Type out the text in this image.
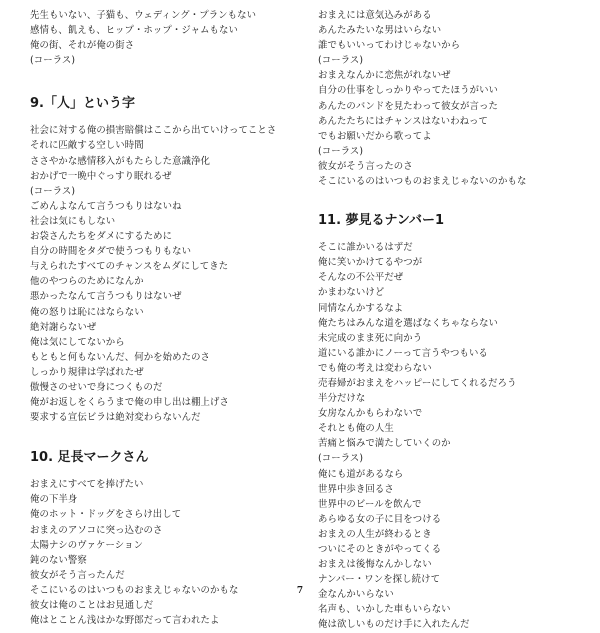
先生もいない、子猫も、ウェディング・プランもない
感情も、飢えも、ヒップ・ホップ・ジャムもない
俺の街、それが俺の街さ
(コーラス)
9.「人」という字
社会に対する俺の損害賠償はここから出ていけってことさ
それに匹敵する空しい時間
ささやかな感情移入がもたらした意識浄化
おかげで一晩中ぐっすり眠れるぜ
(コーラス)
ごめんよなんて言うつもりはないね
社会は気にもしない
お袋さんたちをダメにするために
自分の時間をタダで使うつもりもない
与えられたすべてのチャンスをムダにしてきた
他のやつらのためになんか
悪かったなんて言うつもりはないぜ
俺の怒りは恥にはならない
絶対謝らないぜ
俺は気にしてないから
もともと何もないんだ、何かを始めたのさ
しっかり規律は学ばれたぜ
傲慢さのせいで身につくものだ
俺がお返しをくらうまで俺の申し出は棚上げさ
要求する宣伝ビラは絶対変わらないんだ
10. 足長マークさん
おまえにすべてを捧げたい
俺の下半身
俺のホット・ドッグをさらけ出して
おまえのアソコに突っ込むのさ
太陽ナシのヴァケーション
鈍のない警察
彼女がそう言ったんだ
そこにいるのはいつものおまえじゃないのかもな
彼女は俺のことはお見通しだ
俺はとことん浅はかな野郎だって言われたよ
おまえには意気込みがある
あんたみたいな男はいらない
誰でもいいってわけじゃないから
(コーラス)
おまえなんかに恋焦がれないぜ
自分の仕事をしっかりやってたほうがいい
あんたのバンドを見たわって彼女が言った
あんたたちにはチャンスはないわねって
でもお願いだから歌ってよ
(コーラス)
彼女がそう言ったのさ
そこにいるのはいつものおまえじゃないのかもな
11. 夢見るナンバー1
そこに誰かいるはずだ
俺に笑いかけてるやつが
そんなの不公平だぜ
かまわないけど
同情なんかするなよ
俺たちはみんな道を選ばなくちゃならない
未完成のまま死に向かう
道にいる誰かにノーって言うやつもいる
でも俺の考えは変わらない
売春婦がおまえをハッピーにしてくれるだろう
半分だけな
女房なんかもらわないで
それとも俺の人生
苦痛と悩みで満たしていくのか
(コーラス)
俺にも道があるなら
世界中歩き回るさ
世界中のビールを飲んで
あらゆる女の子に目をつける
おまえの人生が終わるとき
ついにそのときがやってくる
おまえは後悔なんかしない
ナンバー・ワンを探し続けて
金なんかいらない
名声も、いかした車もいらない
俺は欲しいものだけ手に入れたんだ
7
